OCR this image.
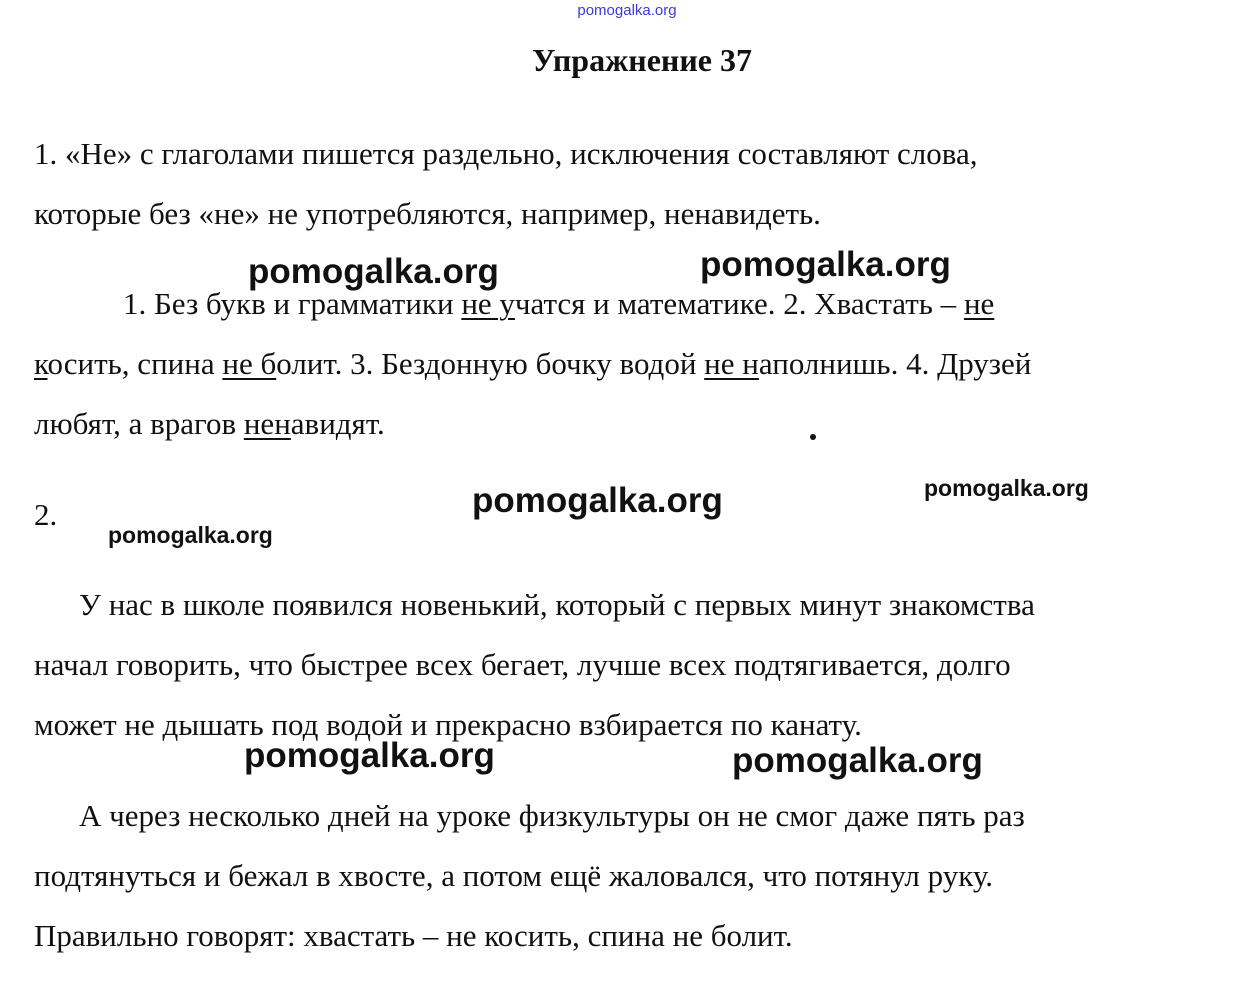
pomogalka.org
Упражнение 37
1. «Не» с глаголами пишется раздельно, исключения составляют слова,
которые без «не» не употребляются, например, ненавидеть.
1. Без букв и грамматики не учатся и математике. 2. Хвастать – не
косить, спина не болит. 3. Бездонную бочку водой не наполнишь. 4. Друзей
любят, а врагов ненавидят.
2.
У нас в школе появился новенький, который с первых минут знакомства
начал говорить, что быстрее всех бегает, лучше всех подтягивается, долго
может не дышать под водой и прекрасно взбирается по канату.
А через несколько дней на уроке физкультуры он не смог даже пять раз
подтянуться и бежал в хвосте, а потом ещё жаловался, что потянул руку.
Правильно говорят: хвастать – не косить, спина не болит.
pomogalka.org	pomogalka.org
pomogalka.org	pomogalka.org
pomogalka.org
pomogalka.org	pomogalka.org
